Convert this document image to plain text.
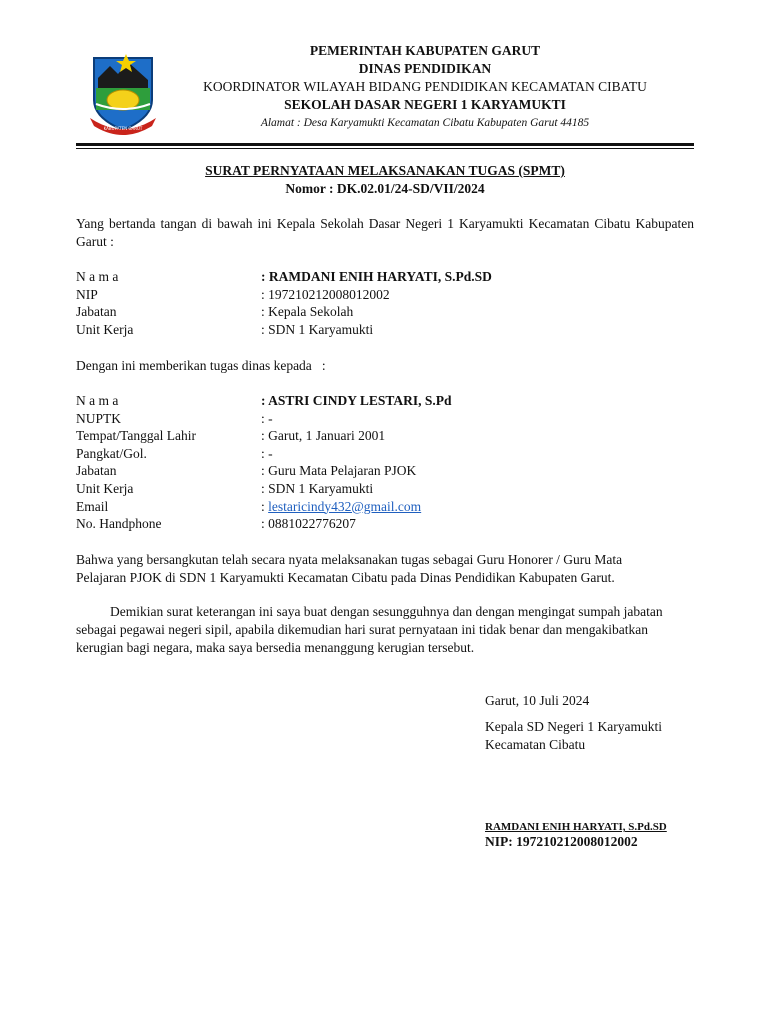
KABUPATEN GARUT
PEMERINTAH KABUPATEN GARUT
DINAS PENDIDIKAN
KOORDINATOR WILAYAH BIDANG PENDIDIKAN KECAMATAN CIBATU
SEKOLAH DASAR NEGERI 1 KARYAMUKTI
Alamat : Desa Karyamukti Kecamatan Cibatu Kabupaten Garut 44185
SURAT PERNYATAAN MELAKSANAKAN TUGAS (SPMT)
Nomor : DK.02.01/24-SD/VII/2024
Yang bertanda tangan di bawah ini Kepala Sekolah Dasar Negeri 1 Karyamukti Kecamatan Cibatu Kabupaten Garut :
N a m a	: RAMDANI ENIH HARYATI, S.Pd.SD
NIP	: 197210212008012002
Jabatan	: Kepala Sekolah
Unit Kerja	: SDN 1 Karyamukti
Dengan ini memberikan tugas dinas kepada   :
N a m a	: ASTRI CINDY LESTARI, S.Pd
NUPTK	: -
Tempat/Tanggal Lahir	: Garut, 1 Januari 2001
Pangkat/Gol.	: -
Jabatan	: Guru Mata Pelajaran PJOK
Unit Kerja	: SDN 1 Karyamukti
Email	: lestaricindy432@gmail.com
No. Handphone	: 0881022776207
Bahwa yang bersangkutan telah secara nyata melaksanakan tugas sebagai Guru Honorer / Guru Mata
Pelajaran PJOK di SDN 1 Karyamukti Kecamatan Cibatu pada Dinas Pendidikan Kabupaten Garut.
Demikian surat keterangan ini saya buat dengan sesungguhnya dan dengan mengingat sumpah jabatan
sebagai pegawai negeri sipil, apabila dikemudian hari surat pernyataan ini tidak benar dan mengakibatkan
kerugian bagi negara, maka saya bersedia menanggung kerugian tersebut.
Garut, 10 Juli 2024
Kepala SD Negeri 1 Karyamukti
Kecamatan Cibatu
RAMDANI ENIH HARYATI, S.Pd.SD
NIP: 197210212008012002
